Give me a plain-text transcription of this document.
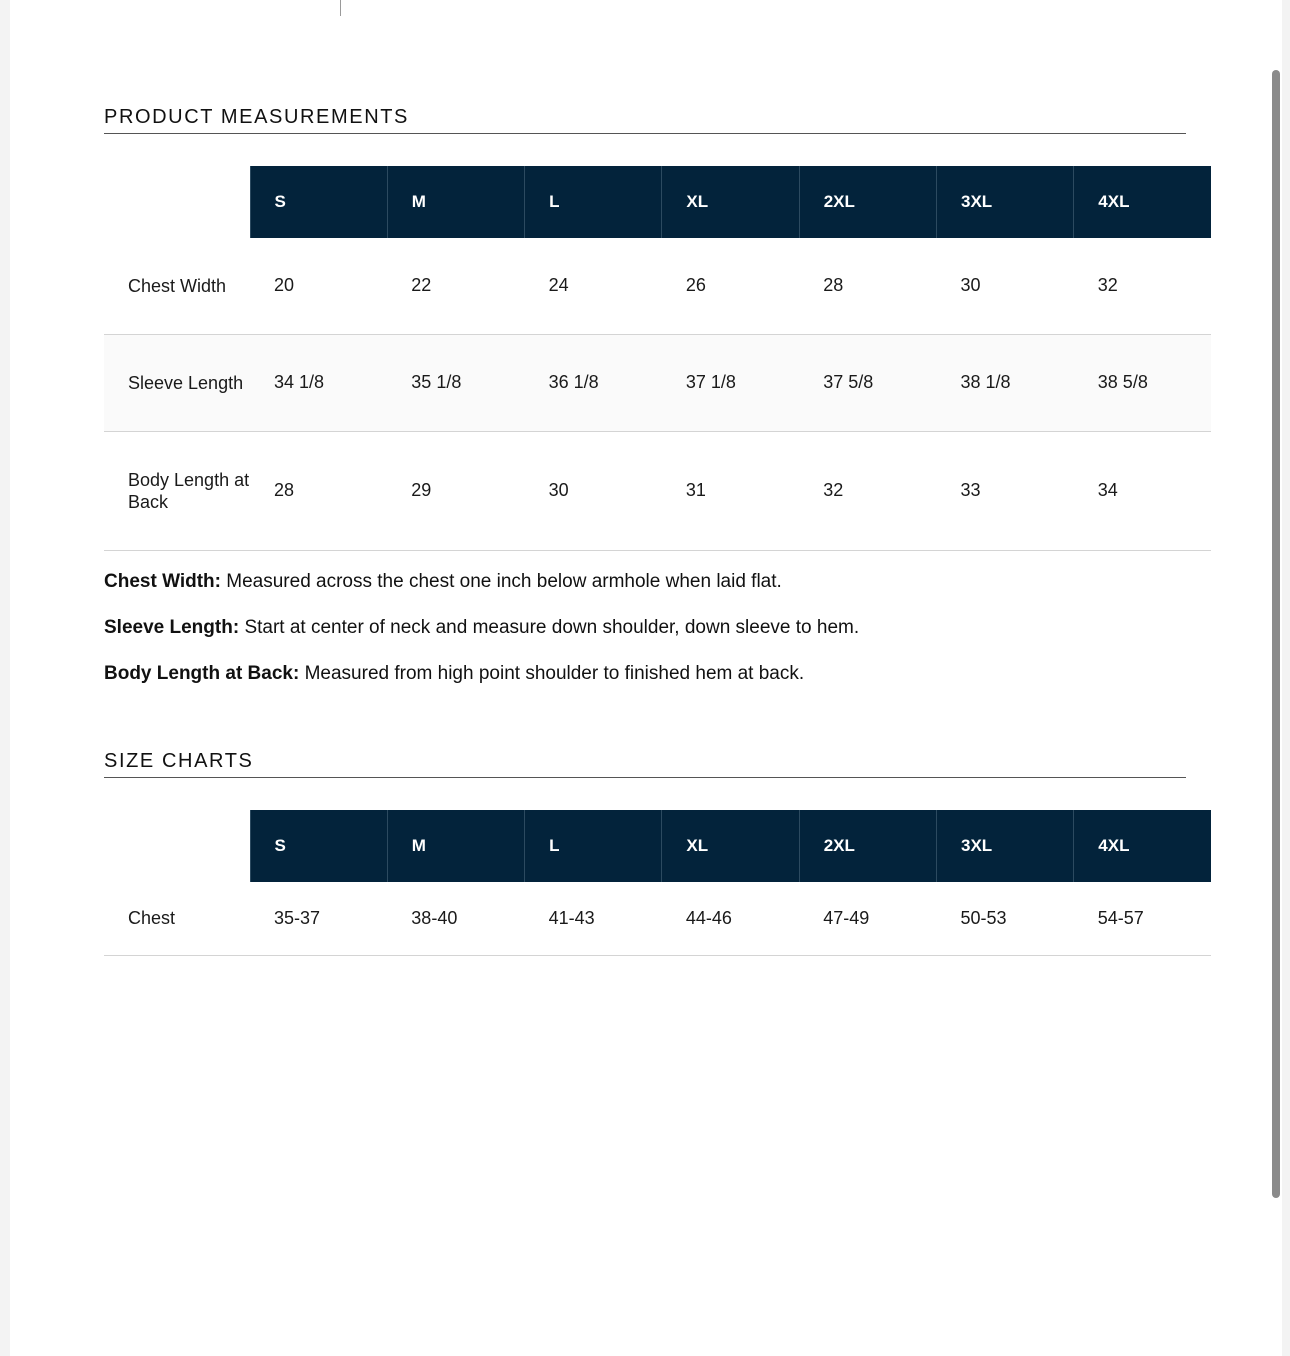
PRODUCT MEASUREMENTS
	S	M	L	XL	2XL	3XL	4XL
Chest Width	20	22	24	26	28	30	32
Sleeve Length	34 1/8	35 1/8	36 1/8	37 1/8	37 5/8	38 1/8	38 5/8
Body Length at Back	28	29	30	31	32	33	34

Chest Width: Measured across the chest one inch below armhole when laid flat.

Sleeve Length: Start at center of neck and measure down shoulder, down sleeve to hem.

Body Length at Back: Measured from high point shoulder to finished hem at back.

SIZE CHARTS
	S	M	L	XL	2XL	3XL	4XL
Chest	35-37	38-40	41-43	44-46	47-49	50-53	54-57
